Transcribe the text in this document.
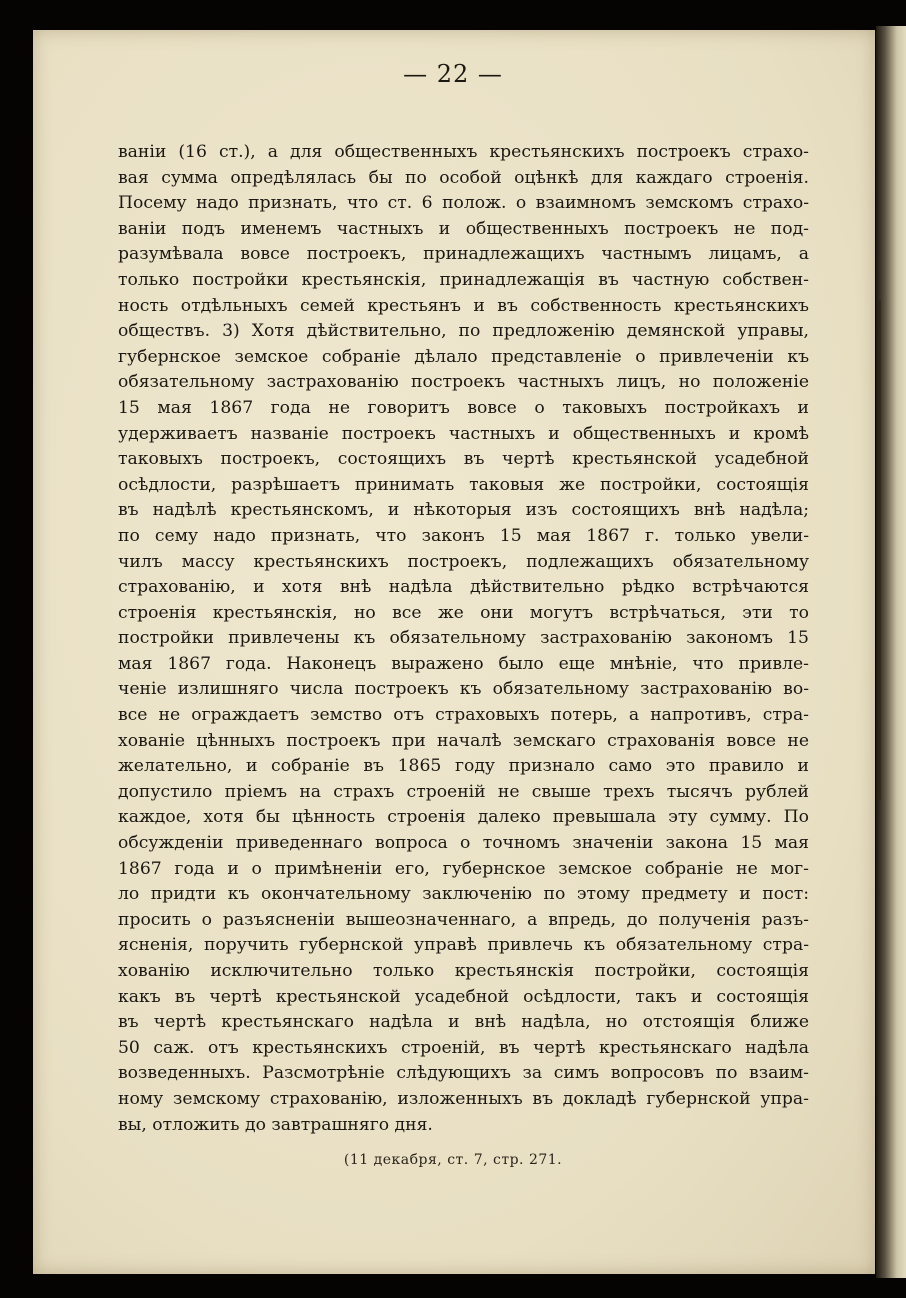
— 22 —
ваніи (16 ст.), а для общественныхъ крестьянскихъ построекъ страхо-
вая сумма опредѣлялась бы по особой оцѣнкѣ для каждаго строенія.
Посему надо признать, что ст. 6 полож. о взаимномъ земскомъ страхо-
ваніи подъ именемъ частныхъ и общественныхъ построекъ не под-
разумѣвала вовсе построекъ, принадлежащихъ частнымъ лицамъ, а
только постройки крестьянскія, принадлежащія въ частную собствен-
ность отдѣльныхъ семей крестьянъ и въ собственность крестьянскихъ
обществъ. 3) Хотя дѣйствительно, по предложенію демянской управы,
губернское земское собраніе дѣлало представленіе о привлеченіи къ
обязательному застрахованію построекъ частныхъ лицъ, но положеніе
15 мая 1867 года не говоритъ вовсе о таковыхъ постройкахъ и
удерживаетъ названіе построекъ частныхъ и общественныхъ и кромѣ
таковыхъ построекъ, состоящихъ въ чертѣ крестьянской усадебной
осѣдлости, разрѣшаетъ принимать таковыя же постройки, состоящія
въ надѣлѣ крестьянскомъ, и нѣкоторыя изъ состоящихъ внѣ надѣла;
по сему надо признать, что законъ 15 мая 1867 г. только увели-
чилъ массу крестьянскихъ построекъ, подлежащихъ обязательному
страхованію, и хотя внѣ надѣла дѣйствительно рѣдко встрѣчаются
строенія крестьянскія, но все же они могутъ встрѣчаться, эти то
постройки привлечены къ обязательному застрахованію закономъ 15
мая 1867 года. Наконецъ выражено было еще мнѣніе, что привле-
ченіе излишняго числа построекъ къ обязательному застрахованію во-
все не ограждаетъ земство отъ страховыхъ потерь, а напротивъ, стра-
хованіе цѣнныхъ построекъ при началѣ земскаго страхованія вовсе не
желательно, и собраніе въ 1865 году признало само это правило и
допустило пріемъ на страхъ строеній не свыше трехъ тысячъ рублей
каждое, хотя бы цѣнность строенія далеко превышала эту сумму. По
обсужденіи приведеннаго вопроса о точномъ значеніи закона 15 мая
1867 года и о примѣненіи его, губернское земское собраніе не мог-
ло придти къ окончательному заключенію по этому предмету и пост:
просить о разъясненіи вышеозначеннаго, а впредь, до полученія разъ-
ясненія, поручить губернской управѣ привлечь къ обязательному стра-
хованію исключительно только крестьянскія постройки, состоящія
какъ въ чертѣ крестьянской усадебной осѣдлости, такъ и состоящія
въ чертѣ крестьянскаго надѣла и внѣ надѣла, но отстоящія ближе
50 саж. отъ крестьянскихъ строеній, въ чертѣ крестьянскаго надѣла
возведенныхъ. Разсмотрѣніе слѣдующихъ за симъ вопросовъ по взаим-
ному земскому страхованію, изложенныхъ въ докладѣ губернской упра-
вы, отложить до завтрашняго дня.
(11 декабря, ст. 7, стр. 271.
